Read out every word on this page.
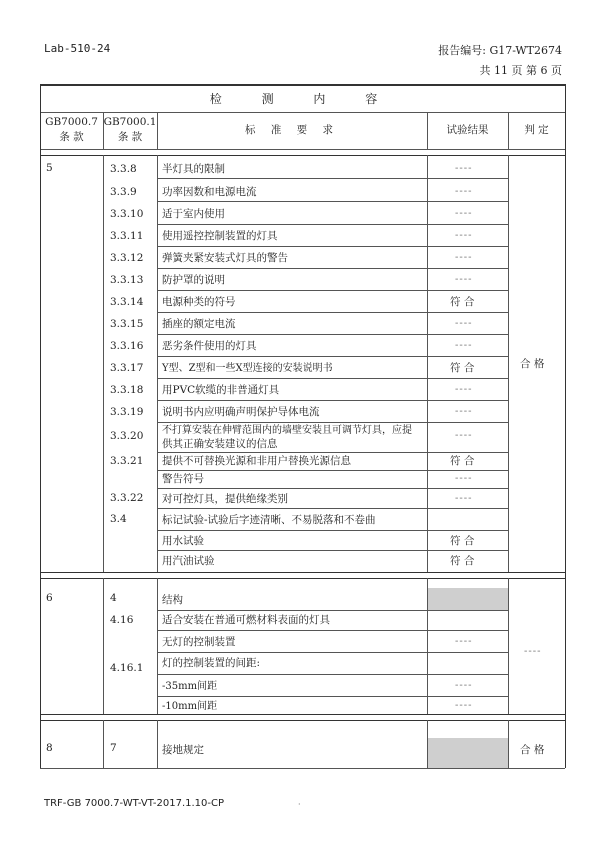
Lab-510-24	报告编号: G17-WT2674
共 11 页 第 6 页
检 测 内 容
GB7000.7
条 款
GB7000.1
条 款
标 准 要 求	试验结果	判 定
5	3.3.8 半灯具的限制	----
3.3.9 功率因数和电源电流	----
3.3.10 适于室内使用	----
3.3.11 使用遥控控制装置的灯具	----
3.3.12 弹簧夹紧安装式灯具的警告	----
3.3.13 防护罩的说明	----
3.3.14 电源种类的符号	符 合
3.3.15 插座的额定电流	----
3.3.16 恶劣条件使用的灯具	----
3.3.17 Y型、Z型和一些X型连接的安装说明书	符 合
3.3.18 用PVC软缆的非普通灯具	----
3.3.19 说明书内应明确声明保护导体电流	----
3.3.20 不打算安装在伸臂范围内的墙壁安装且可调节灯具，应提
供其正确安装建议的信息
----
3.3.21 提供不可替换光源和非用户替换光源信息	符 合
警告符号	----
3.3.22 对可控灯具，提供绝缘类别	----
3.4	标记试验-试验后字迹清晰、不易脱落和不卷曲
用水试验	符 合
用汽油试验	符 合
合 格
6	4	结构
4.16	适合安装在普通可燃材料表面的灯具
无灯的控制装置	----
4.16.1 灯的控制装置的间距:
-35mm间距	----
-10mm间距	----
----
8	7	接地规定	合 格
TRF-GB 7000.7-WT-VT-2017.1.10-CP	·
